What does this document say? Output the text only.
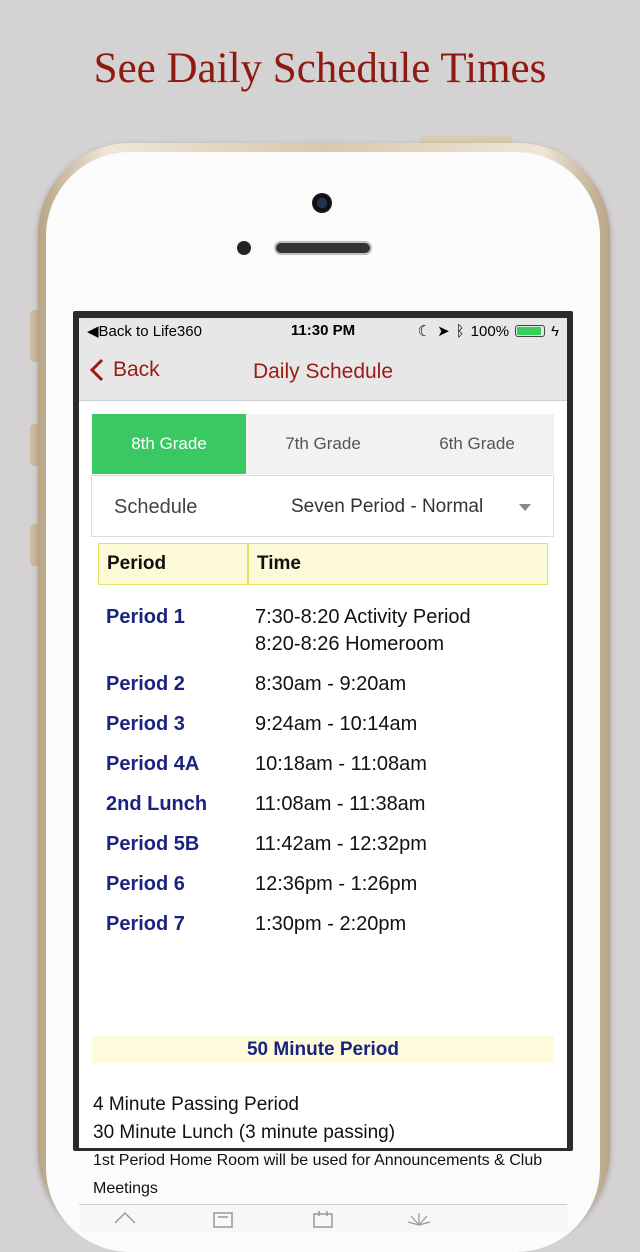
See Daily Schedule Times
◀Back to Life360	11:30 PM	☾ ➤ ᛒ 100%	ϟ
Back	Daily Schedule
8th Grade	7th Grade	6th Grade
Schedule	Seven Period - Normal
Period	Time
Period 1	7:30-8:20 Activity Period
8:20-8:26 Homeroom
Period 2	8:30am - 9:20am
Period 3	9:24am - 10:14am
Period 4A	10:18am - 11:08am
2nd Lunch	11:08am - 11:38am
Period 5B	11:42am - 12:32pm
Period 6	12:36pm - 1:26pm
Period 7	1:30pm - 2:20pm
50 Minute Period
4 Minute Passing Period
30 Minute Lunch (3 minute passing)
1st Period Home Room will be used for Announcements & Club Meetings
